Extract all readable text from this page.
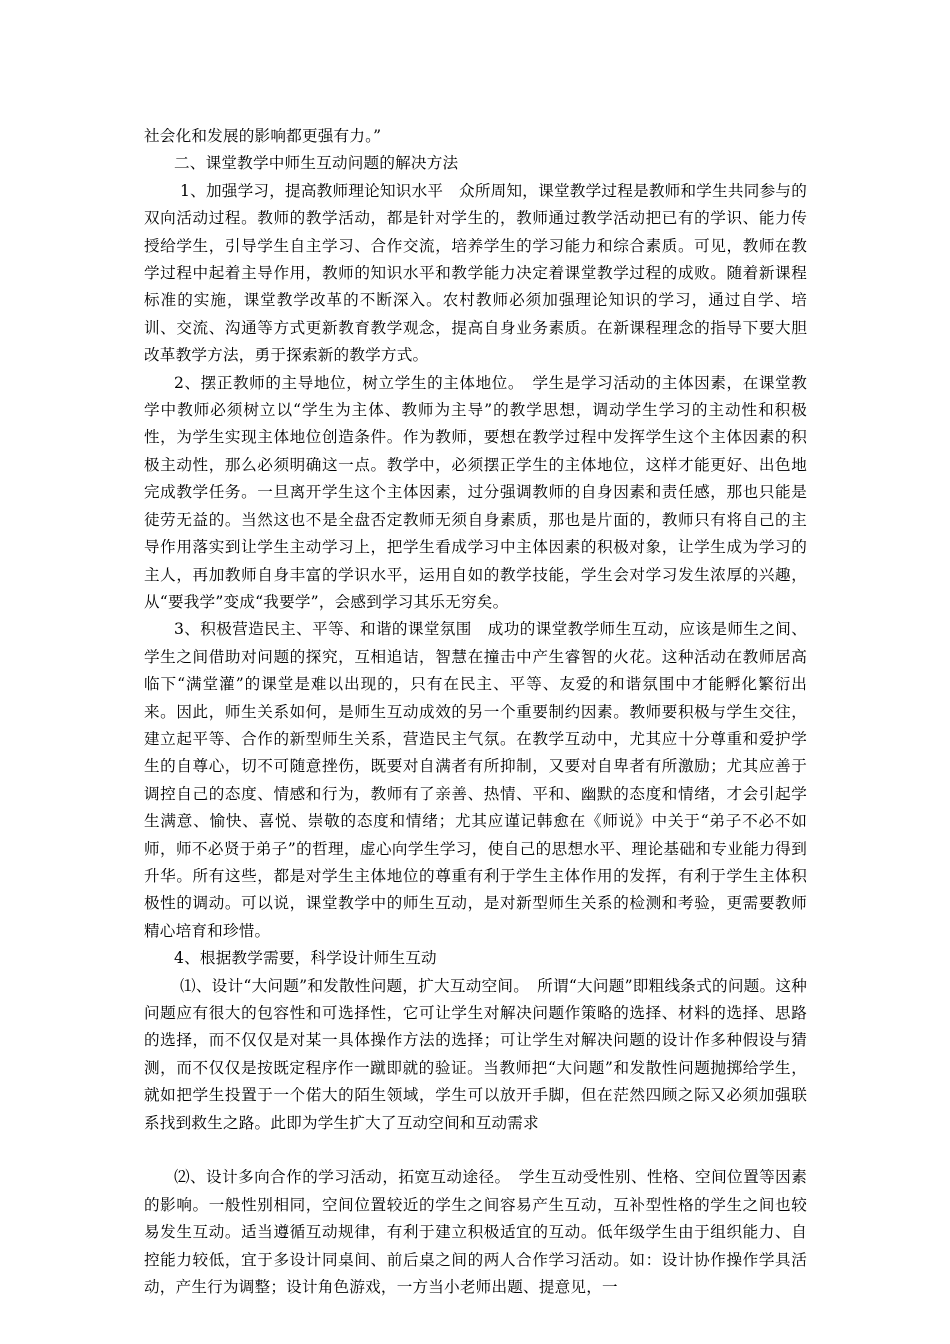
社会化和发展的影响都更强有力。”

二、课堂教学中师生互动问题的解决方法

1、加强学习，提高教师理论知识水平　众所周知，课堂教学过程是教师和学生共同参与的双向活动过程。教师的教学活动，都是针对学生的，教师通过教学活动把已有的学识、能力传授给学生，引导学生自主学习、合作交流，培养学生的学习能力和综合素质。可见，教师在教学过程中起着主导作用，教师的知识水平和教学能力决定着课堂教学过程的成败。随着新课程标准的实施，课堂教学改革的不断深入。农村教师必须加强理论知识的学习，通过自学、培训、交流、沟通等方式更新教育教学观念，提高自身业务素质。在新课程理念的指导下要大胆改革教学方法，勇于探索新的教学方式。

2、摆正教师的主导地位，树立学生的主体地位。　学生是学习活动的主体因素，在课堂教学中教师必须树立以“学生为主体、教师为主导”的教学思想，调动学生学习的主动性和积极性，为学生实现主体地位创造条件。作为教师，要想在教学过程中发挥学生这个主体因素的积极主动性，那么必须明确这一点。教学中，必须摆正学生的主体地位，这样才能更好、出色地完成教学任务。一旦离开学生这个主体因素，过分强调教师的自身因素和责任感，那也只能是徒劳无益的。当然这也不是全盘否定教师无须自身素质，那也是片面的，教师只有将自己的主导作用落实到让学生主动学习上，把学生看成学习中主体因素的积极对象，让学生成为学习的主人，再加教师自身丰富的学识水平，运用自如的教学技能，学生会对学习发生浓厚的兴趣，从“要我学”变成“我要学”，会感到学习其乐无穷矣。

3、积极营造民主、平等、和谐的课堂氛围　成功的课堂教学师生互动，应该是师生之间、学生之间借助对问题的探究，互相追诘，智慧在撞击中产生睿智的火花。这种活动在教师居高临下“满堂灌”的课堂是难以出现的，只有在民主、平等、友爱的和谐氛围中才能孵化繁衍出来。因此，师生关系如何，是师生互动成效的另一个重要制约因素。教师要积极与学生交往，建立起平等、合作的新型师生关系，营造民主气氛。在教学互动中，尤其应十分尊重和爱护学生的自尊心，切不可随意挫伤，既要对自满者有所抑制，又要对自卑者有所激励；尤其应善于调控自己的态度、情感和行为，教师有了亲善、热情、平和、幽默的态度和情绪，才会引起学生满意、愉快、喜悦、崇敬的态度和情绪；尤其应谨记韩愈在《师说》中关于“弟子不必不如师，师不必贤于弟子”的哲理，虚心向学生学习，使自己的思想水平、理论基础和专业能力得到升华。所有这些，都是对学生主体地位的尊重有利于学生主体作用的发挥，有利于学生主体积极性的调动。可以说，课堂教学中的师生互动，是对新型师生关系的检测和考验，更需要教师精心培育和珍惜。

4、根据教学需要，科学设计师生互动

⑴、设计“大问题”和发散性问题，扩大互动空间。　所谓“大问题”即粗线条式的问题。这种问题应有很大的包容性和可选择性，它可让学生对解决问题作策略的选择、材料的选择、思路的选择，而不仅仅是对某一具体操作方法的选择；可让学生对解决问题的设计作多种假设与猜测，而不仅仅是按既定程序作一蹴即就的验证。当教师把“大问题”和发散性问题抛掷给学生，就如把学生投置于一个偌大的陌生领域，学生可以放开手脚，但在茫然四顾之际又必须加强联系找到救生之路。此即为学生扩大了互动空间和互动需求

⑵、设计多向合作的学习活动，拓宽互动途径。　学生互动受性别、性格、空间位置等因素的影响。一般性别相同，空间位置较近的学生之间容易产生互动，互补型性格的学生之间也较易发生互动。适当遵循互动规律，有利于建立积极适宜的互动。低年级学生由于组织能力、自控能力较低，宜于多设计同桌间、前后桌之间的两人合作学习活动。如：设计协作操作学具活动，产生行为调整；设计角色游戏，一方当小老师出题、提意见，一
